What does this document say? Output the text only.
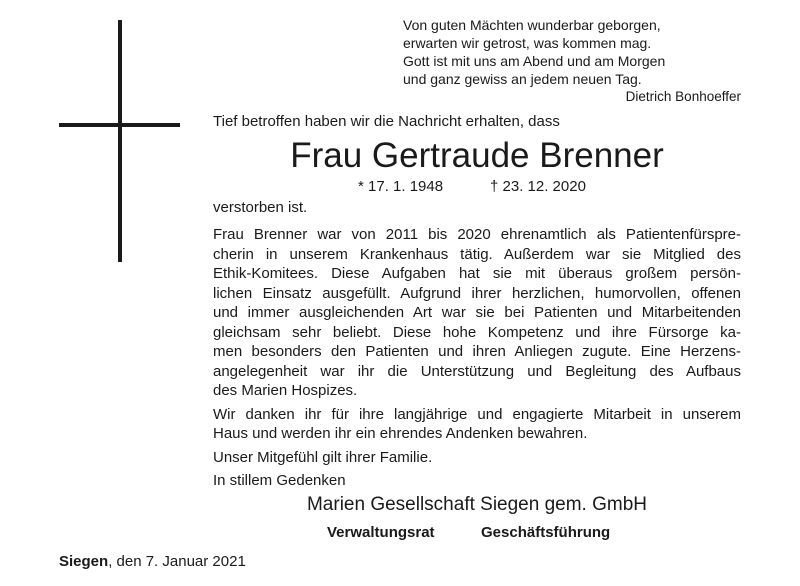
Von guten Mächten wunderbar geborgen,
erwarten wir getrost, was kommen mag.
Gott ist mit uns am Abend und am Morgen
und ganz gewiss an jedem neuen Tag.
Dietrich Bonhoeffer
Tief betroffen haben wir die Nachricht erhalten, dass
Frau Gertraude Brenner
* 17. 1. 1948	† 23. 12. 2020
verstorben ist.
Frau Brenner war von 2011 bis 2020 ehrenamtlich als Patientenfürspre-
cherin in unserem Krankenhaus tätig. Außerdem war sie Mitglied des
Ethik-Komitees. Diese Aufgaben hat sie mit überaus großem persön-
lichen Einsatz ausgefüllt. Aufgrund ihrer herzlichen, humorvollen, offenen
und immer ausgleichenden Art war sie bei Patienten und Mitarbeitenden
gleichsam sehr beliebt. Diese hohe Kompetenz und ihre Fürsorge ka-
men besonders den Patienten und ihren Anliegen zugute. Eine Herzens-
angelegenheit war ihr die Unterstützung und Begleitung des Aufbaus
des Marien Hospizes.
Wir danken ihr für ihre langjährige und engagierte Mitarbeit in unserem
Haus und werden ihr ein ehrendes Andenken bewahren.
Unser Mitgefühl gilt ihrer Familie.
In stillem Gedenken
Marien Gesellschaft Siegen gem. GmbH
Verwaltungsrat	Geschäftsführung
Siegen, den 7. Januar 2021
